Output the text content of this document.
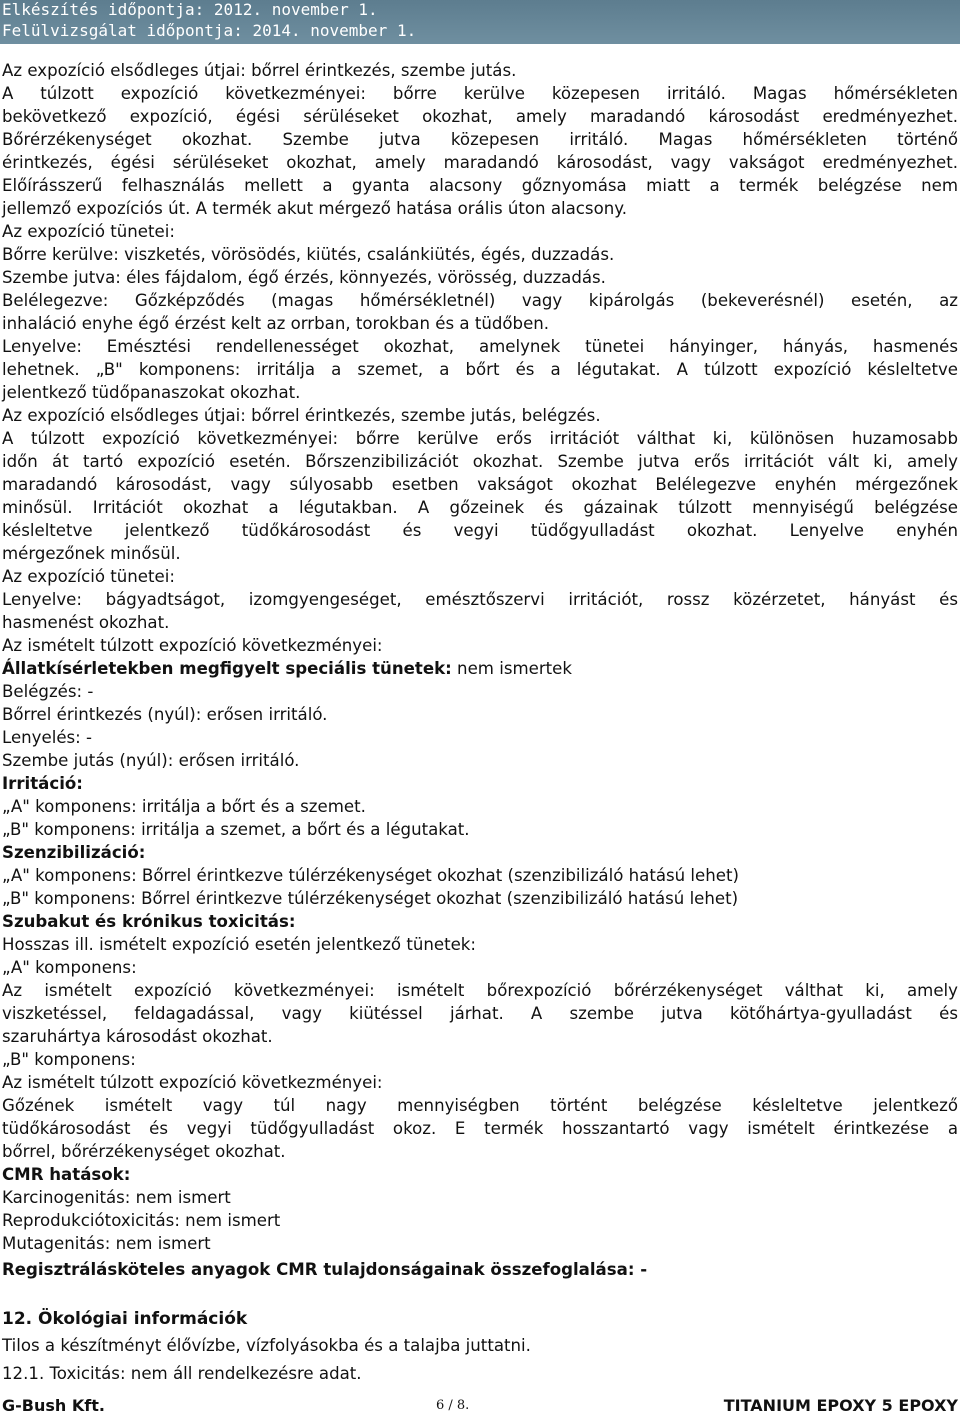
Elkészítés időpontja: 2012. november 1.
Felülvizsgálat időpontja: 2014. november 1.
Az expozíció elsődleges útjai: bőrrel érintkezés, szembe jutás.
A túlzott expozíció következményei: bőrre kerülve közepesen irritáló. Magas hőmérsékleten
bekövetkező expozíció, égési sérüléseket okozhat, amely maradandó károsodást eredményezhet.
Bőrérzékenységet okozhat. Szembe jutva közepesen irritáló. Magas hőmérsékleten történő
érintkezés, égési sérüléseket okozhat, amely maradandó károsodást, vagy vakságot eredményezhet.
Előírásszerű felhasználás mellett a gyanta alacsony gőznyomása miatt a termék belégzése nem
jellemző expozíciós út. A termék akut mérgező hatása orális úton alacsony.
Az expozíció tünetei:
Bőrre kerülve: viszketés, vörösödés, kiütés, csalánkiütés, égés, duzzadás.
Szembe jutva: éles fájdalom, égő érzés, könnyezés, vörösség, duzzadás.
Belélegezve: Gőzképződés (magas hőmérsékletnél) vagy kipárolgás (bekeverésnél) esetén, az
inhaláció enyhe égő érzést kelt az orrban, torokban és a tüdőben.
Lenyelve: Emésztési rendellenességet okozhat, amelynek tünetei hányinger, hányás, hasmenés
lehetnek. „B" komponens: irritálja a szemet, a bőrt és a légutakat. A túlzott expozíció késleltetve
jelentkező tüdőpanaszokat okozhat.
Az expozíció elsődleges útjai: bőrrel érintkezés, szembe jutás, belégzés.
A túlzott expozíció következményei: bőrre kerülve erős irritációt válthat ki, különösen huzamosabb
időn át tartó expozíció esetén. Bőrszenzibilizációt okozhat. Szembe jutva erős irritációt vált ki, amely
maradandó károsodást, vagy súlyosabb esetben vakságot okozhat Belélegezve enyhén mérgezőnek
minősül. Irritációt okozhat a légutakban. A gőzeinek és gázainak túlzott mennyiségű belégzése
késleltetve jelentkező tüdőkárosodást és vegyi tüdőgyulladást okozhat. Lenyelve enyhén
mérgezőnek minősül.
Az expozíció tünetei:
Lenyelve: bágyadtságot, izomgyengeséget, emésztőszervi irritációt, rossz közérzetet, hányást és
hasmenést okozhat.
Az ismételt túlzott expozíció következményei:
Állatkísérletekben megfigyelt speciális tünetek: nem ismertek
Belégzés: -
Bőrrel érintkezés (nyúl): erősen irritáló.
Lenyelés: -
Szembe jutás (nyúl): erősen irritáló.
Irritáció:
„A" komponens: irritálja a bőrt és a szemet.
„B" komponens: irritálja a szemet, a bőrt és a légutakat.
Szenzibilizáció:
„A" komponens: Bőrrel érintkezve túlérzékenységet okozhat (szenzibilizáló hatású lehet)
„B" komponens: Bőrrel érintkezve túlérzékenységet okozhat (szenzibilizáló hatású lehet)
Szubakut és krónikus toxicitás:
Hosszas ill. ismételt expozíció esetén jelentkező tünetek:
„A" komponens:
Az ismételt expozíció következményei: ismételt bőrexpozíció bőrérzékenységet válthat ki, amely
viszketéssel, feldagadással, vagy kiütéssel járhat. A szembe jutva kötőhártya-gyulladást és
szaruhártya károsodást okozhat.
„B" komponens:
Az ismételt túlzott expozíció következményei:
Gőzének ismételt vagy túl nagy mennyiségben történt belégzése késleltetve jelentkező
tüdőkárosodást és vegyi tüdőgyulladást okoz. E termék hosszantartó vagy ismételt érintkezése a
bőrrel, bőrérzékenységet okozhat.
CMR hatások:
Karcinogenitás: nem ismert
Reprodukciótoxicitás: nem ismert
Mutagenitás: nem ismert
Regisztrálásköteles anyagok CMR tulajdonságainak összefoglalása: -
12. Ökológiai információk
Tilos a készítményt élővízbe, vízfolyásokba és a talajba juttatni.
12.1. Toxicitás: nem áll rendelkezésre adat.
G-Bush Kft.	6 / 8.	TITANIUM EPOXY 5 EPOXY
